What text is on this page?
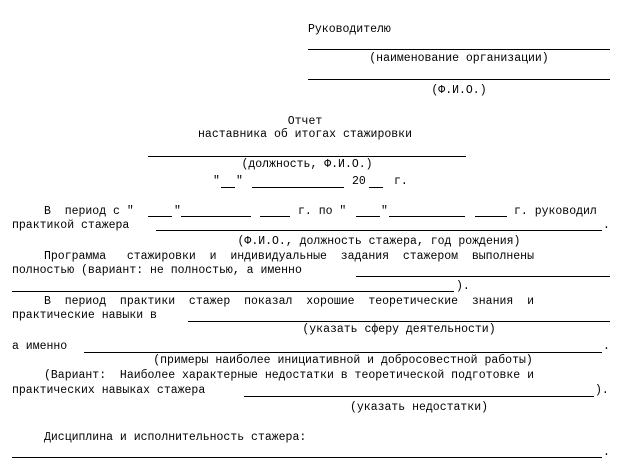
Руководителю
(наименование организации)
(Ф.И.О.)
Отчет
наставника об итогах стажировки
(должность, Ф.И.О.)
" "	20 г.
В  период с "	"	г. по "	"	г. руководил
практикой стажера	.
(Ф.И.О., должность стажера, год рождения)
Программа   стажировки  и  индивидуальные  задания  стажером  выполнены
полностью (вариант: не полностью, а именно
).
В  период  практики  стажер  показал  хорошие  теоретические  знания  и
практические навыки в
(указать сферу деятельности)
а именно	.
(примеры наиболее инициативной и добросовестной работы)
(Вариант:  Наиболее характерные недостатки в теоретической подготовке и
практических навыках стажера	).
(указать недостатки)
Дисциплина и исполнительность стажера:
.
